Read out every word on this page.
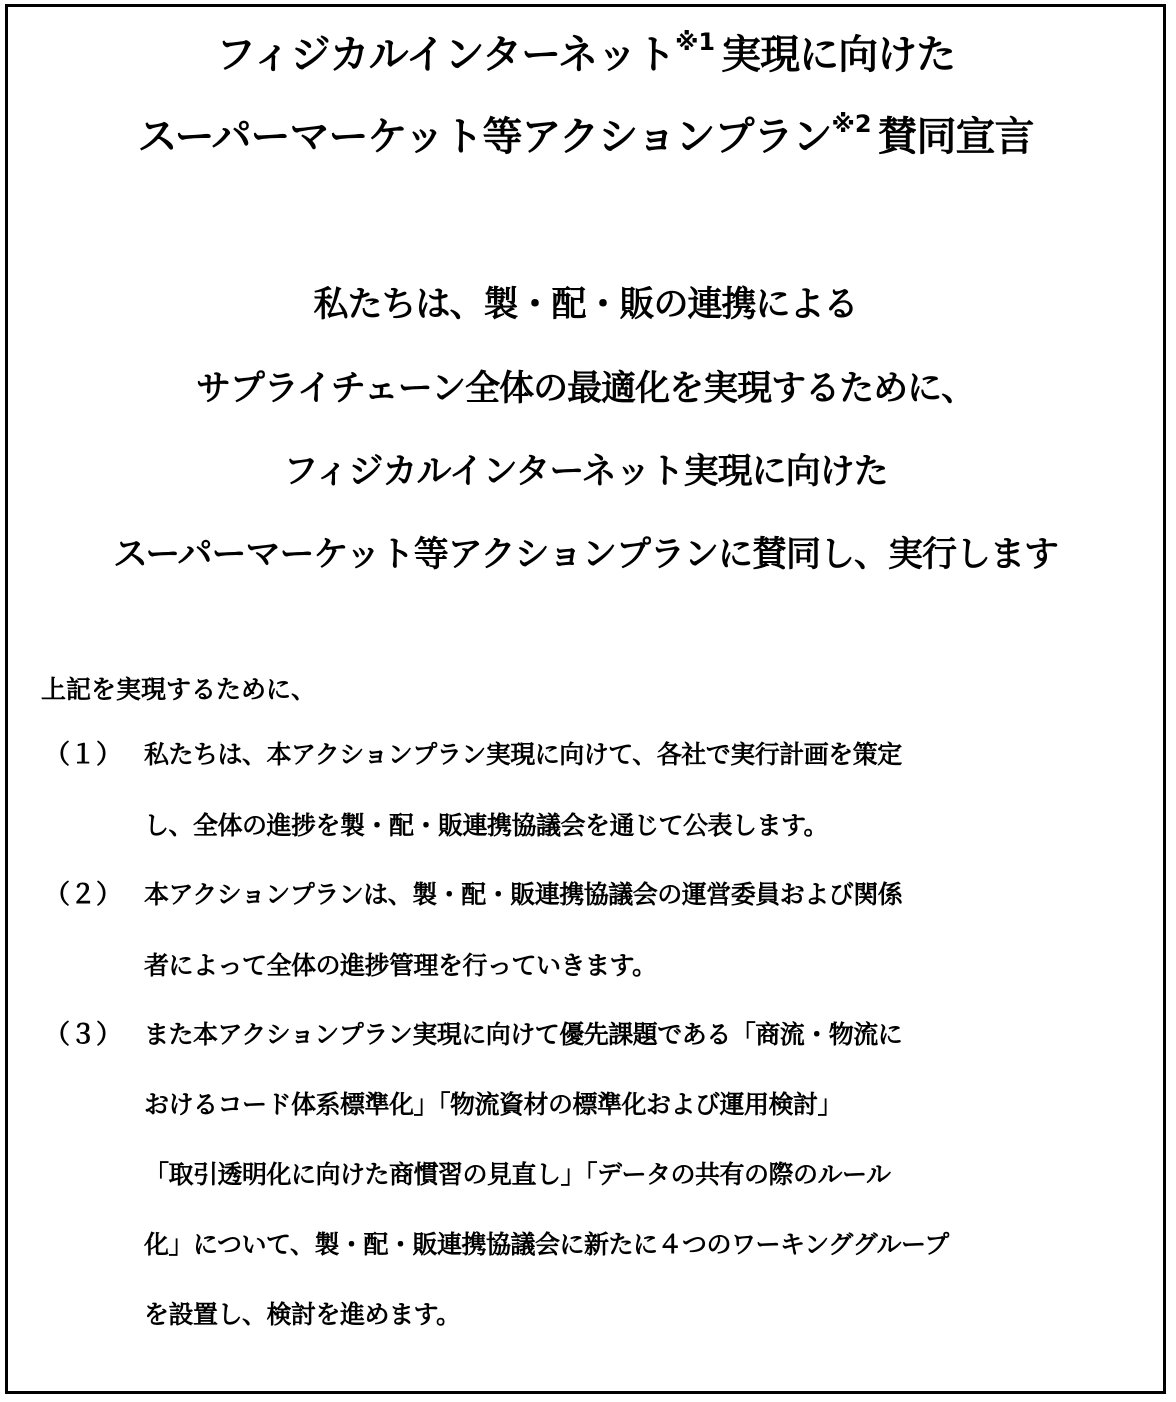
フィジカルインターネット$^{※1}$ 実現に向けた
スーパーマーケット等アクションプラン$^{※2}$ 賛同宣言
私たちは、製・配・販の連携による
サプライチェーン全体の最適化を実現するために、
フィジカルインターネット実現に向けた
スーパーマーケット等アクションプランに賛同し、実行します
上記を実現するために、
（１） 私たちは、本アクションプラン実現に向けて、各社で実行計画を策定
し、全体の進捗を製・配・販連携協議会を通じて公表します。
（２） 本アクションプランは、製・配・販連携協議会の運営委員および関係
者によって全体の進捗管理を行っていきます。
（３） また本アクションプラン実現に向けて優先課題である「商流・物流に
おけるコード体系標準化」「物流資材の標準化および運用検討」
「取引透明化に向けた商慣習の見直し」「データの共有の際のルール
化」について、製・配・販連携協議会に新たに４つのワーキンググループ
を設置し、検討を進めます。
